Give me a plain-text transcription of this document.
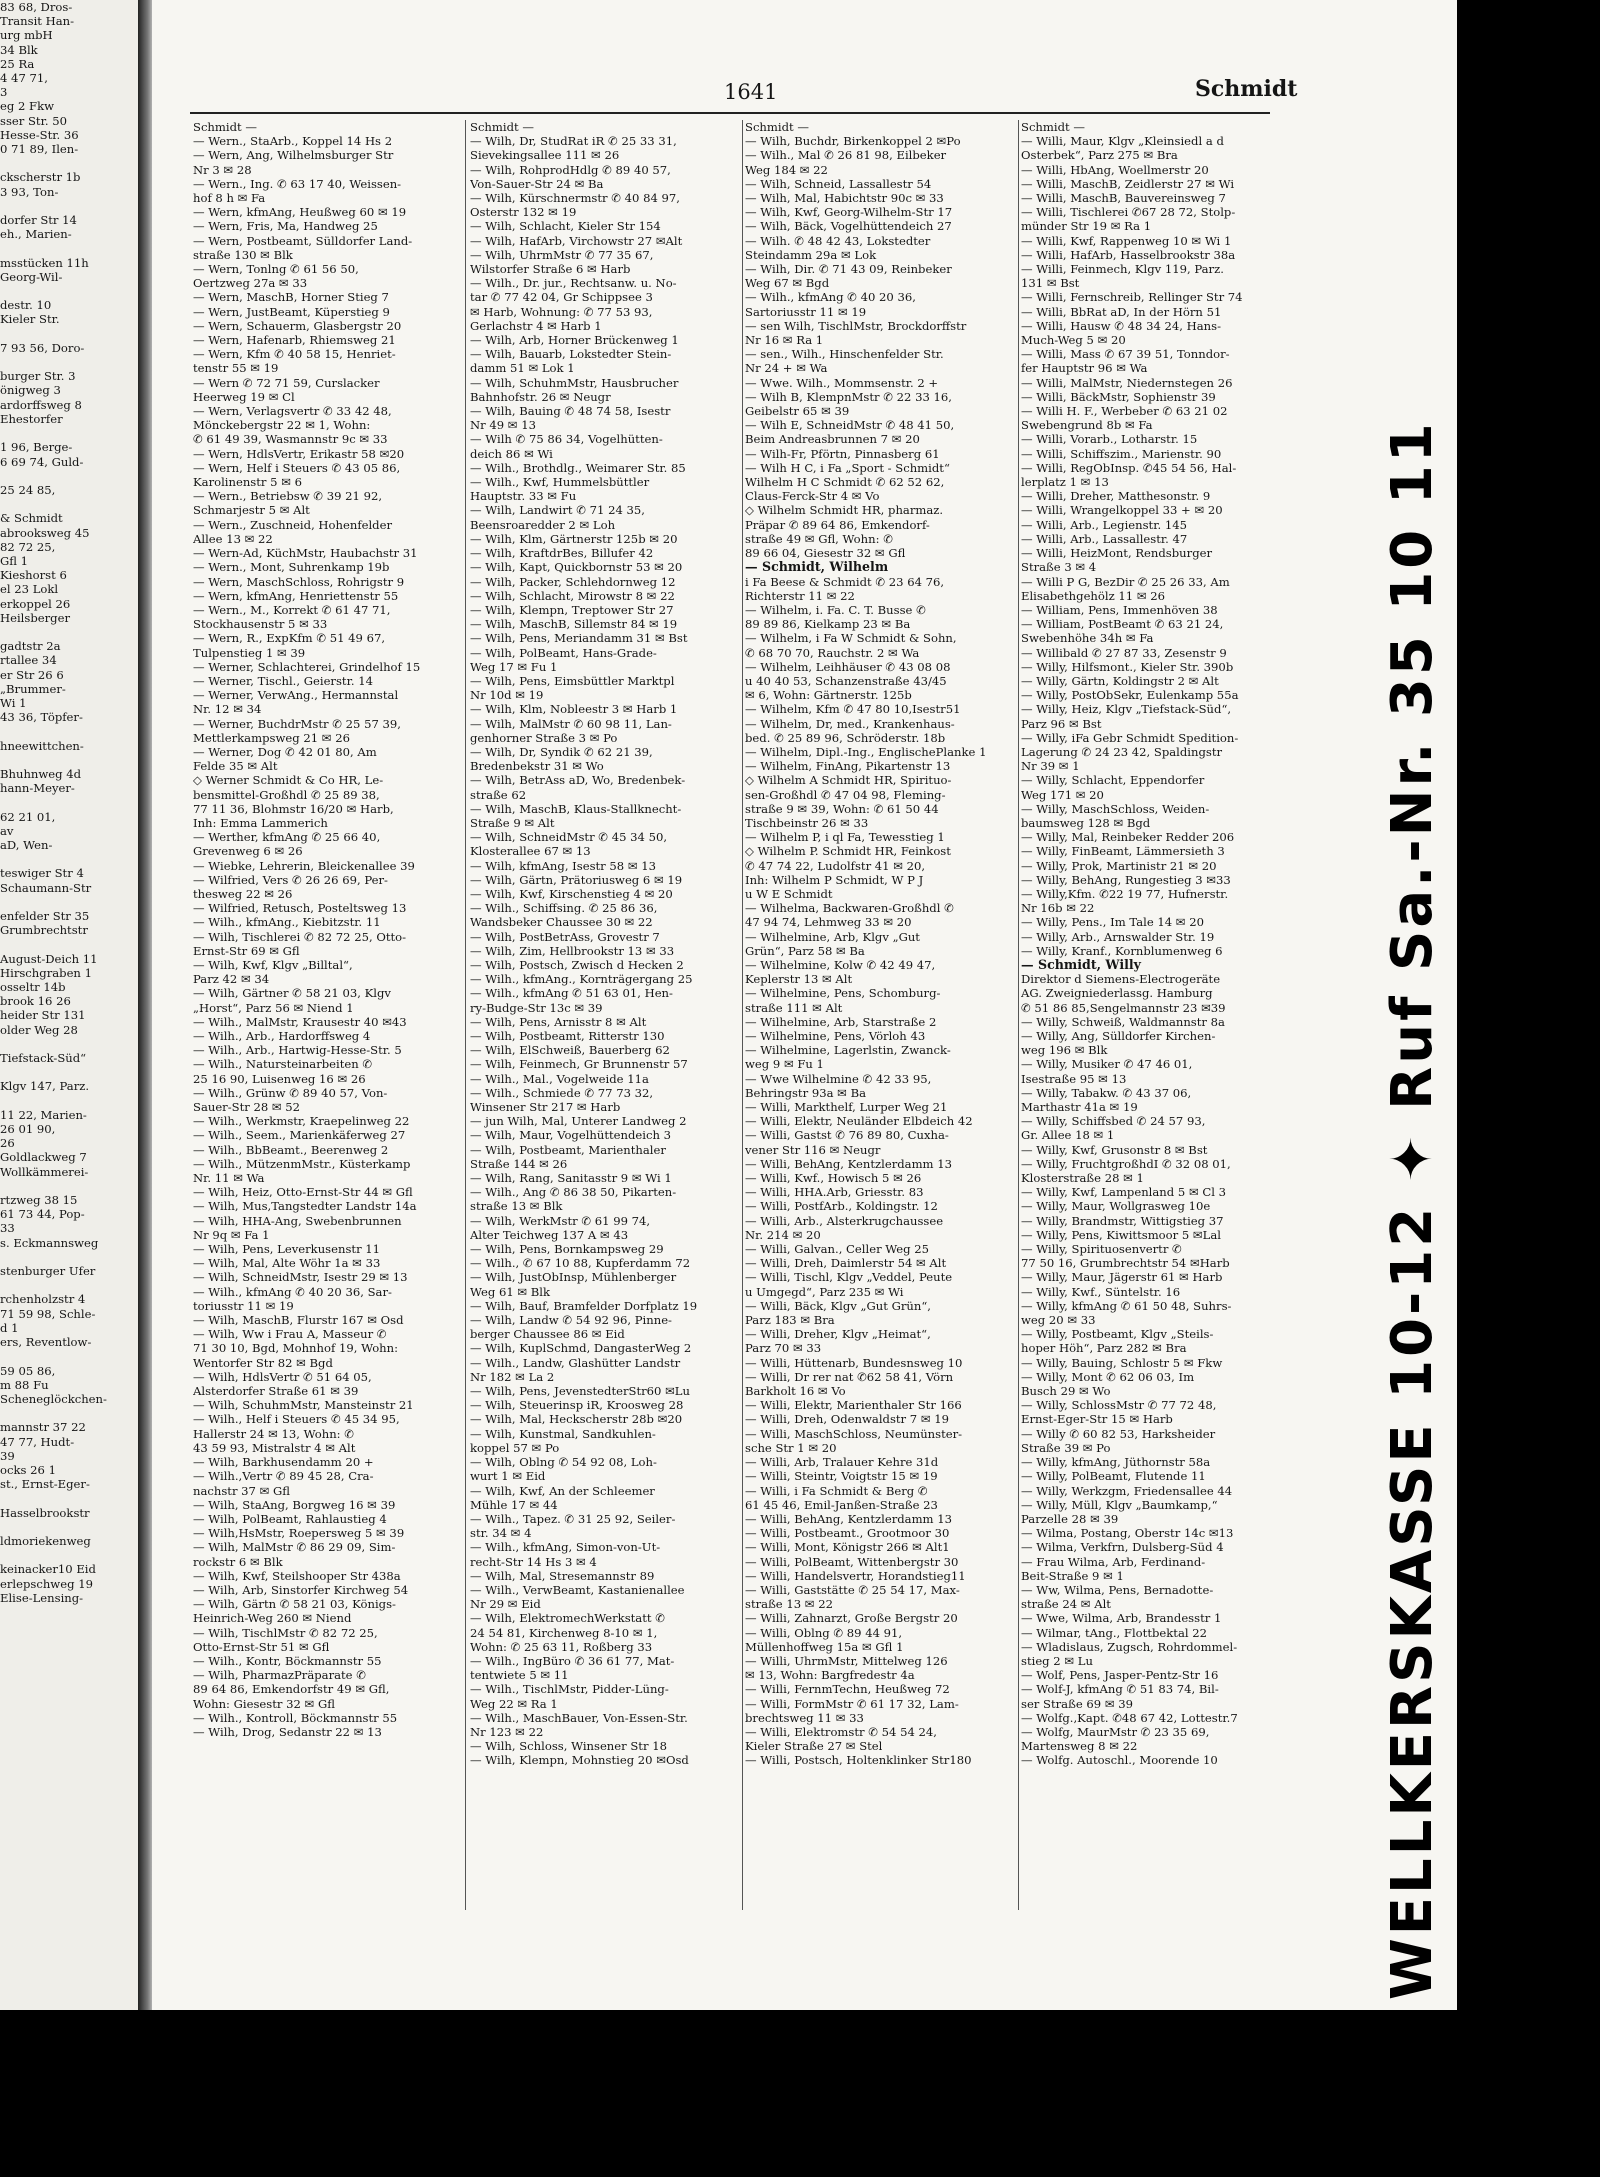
83 68, Dros-
Transit Han-
urg mbH
34 Blk
25 Ra
4 47 71,
3
eg 2 Fkw
sser Str. 50
Hesse-Str. 36
0 71 89, Ilen-

ckscherstr 1b
3 93, Ton-

dorfer Str 14
eh., Marien-

msstücken 11h
Georg-Wil-

destr. 10
Kieler Str.

7 93 56, Doro-

burger Str. 3
önigweg 3
ardorffsweg 8
Ehestorfer

1 96, Berge-
6 69 74, Guld-

25 24 85,

& Schmidt
abrooksweg 45
82 72 25,
Gfl 1
Kieshorst 6
el 23 Lokl
erkoppel 26
Heilsberger

gadtstr 2a
rtallee 34
er Str 26 6
„Brummer-
Wi 1
43 36, Töpfer-

hneewittchen-

Bhuhnweg 4d
hann-Meyer-

62 21 01,
av
aD, Wen-

teswiger Str 4
Schaumann-Str

enfelder Str 35
Grumbrechtstr

August-Deich 11
Hirschgraben 1
osseltr 14b
brook 16 26
heider Str 131
older Weg 28

Tiefstack-Süd“

Klgv 147, Parz.

11 22, Marien-
26 01 90,
26
Goldlackweg 7
Wollkämmerei-

rtzweg 38 15
61 73 44, Pop-
33
s. Eckmannsweg

stenburger Ufer

rchenholzstr 4
71 59 98, Schle-
d 1
ers, Reventlow-

59 05 86,
m 88 Fu
Scheneglöckchen-

mannstr 37 22
47 77, Hudt-
39
ocks 26 1
st., Ernst-Eger-

Hasselbrookstr

ldmoriekenweg

keinacker10 Eid
erlepschweg 19
Elise-Lensing-
1641	Schmidt
Schmidt —
— Wern., StaArb., Koppel 14 Hs 2
— Wern, Ang, Wilhelmsburger Str
Nr 3 ✉ 28
— Wern., Ing. ✆ 63 17 40, Weissen-
hof 8 h ✉ Fa
— Wern, kfmAng, Heußweg 60 ✉ 19
— Wern, Fris, Ma, Handweg 25
— Wern, Postbeamt, Sülldorfer Land-
straße 130 ✉ Blk
— Wern, Tonlng ✆ 61 56 50,
Oertzweg 27a ✉ 33
— Wern, MaschB, Horner Stieg 7
— Wern, JustBeamt, Küperstieg 9
— Wern, Schauerm, Glasbergstr 20
— Wern, Hafenarb, Rhiemsweg 21
— Wern, Kfm ✆ 40 58 15, Henriet-
tenstr 55 ✉ 19
— Wern ✆ 72 71 59, Curslacker
Heerweg 19 ✉ Cl
— Wern, Verlagsvertr ✆ 33 42 48,
Mönckebergstr 22 ✉ 1, Wohn:
✆ 61 49 39, Wasmannstr 9c ✉ 33
— Wern, HdlsVertr, Erikastr 58 ✉20
— Wern, Helf i Steuers ✆ 43 05 86,
Karolinenstr 5 ✉ 6
— Wern., Betriebsw ✆ 39 21 92,
Schmarjestr 5 ✉ Alt
— Wern., Zuschneid, Hohenfelder
Allee 13 ✉ 22
— Wern-Ad, KüchMstr, Haubachstr 31
— Wern., Mont, Suhrenkamp 19b
— Wern, MaschSchloss, Rohrigstr 9
— Wern, kfmAng, Henriettenstr 55
— Wern., M., Korrekt ✆ 61 47 71,
Stockhausenstr 5 ✉ 33
— Wern, R., ExpKfm ✆ 51 49 67,
Tulpenstieg 1 ✉ 39
— Werner, Schlachterei, Grindelhof 15
— Werner, Tischl., Geierstr. 14
— Werner, VerwAng., Hermannstal
Nr. 12 ✉ 34
— Werner, BuchdrMstr ✆ 25 57 39,
Mettlerkampsweg 21 ✉ 26
— Werner, Dog ✆ 42 01 80, Am
Felde 35 ✉ Alt
◇ Werner Schmidt & Co HR, Le-
bensmittel-Großhdl ✆ 25 89 38,
77 11 36, Blohmstr 16/20 ✉ Harb,
Inh: Emma Lammerich
— Werther, kfmAng ✆ 25 66 40,
Grevenweg 6 ✉ 26
— Wiebke, Lehrerin, Bleickenallee 39
— Wilfried, Vers ✆ 26 26 69, Per-
thesweg 22 ✉ 26
— Wilfried, Retusch, Posteltsweg 13
— Wilh., kfmAng., Kiebitzstr. 11
— Wilh, Tischlerei ✆ 82 72 25, Otto-
Ernst-Str 69 ✉ Gfl
— Wilh, Kwf, Klgv „Billtal“,
Parz 42 ✉ 34
— Wilh, Gärtner ✆ 58 21 03, Klgv
„Horst“, Parz 56 ✉ Niend 1
— Wilh., MalMstr, Krausestr 40 ✉43
— Wilh., Arb., Hardorffsweg 4
— Wilh., Arb., Hartwig-Hesse-Str. 5
— Wilh., Natursteinarbeiten ✆
25 16 90, Luisenweg 16 ✉ 26
— Wilh., Grünw ✆ 89 40 57, Von-
Sauer-Str 28 ✉ 52
— Wilh., Werkmstr, Kraepelinweg 22
— Wilh., Seem., Marienkäferweg 27
— Wilh., BbBeamt., Beerenweg 2
— Wilh., MützenmMstr., Küsterkamp
Nr. 11 ✉ Wa
— Wilh, Heiz, Otto-Ernst-Str 44 ✉ Gfl
— Wilh, Mus,Tangstedter Landstr 14a
— Wilh, HHA-Ang, Swebenbrunnen
Nr 9q ✉ Fa 1
— Wilh, Pens, Leverkusenstr 11
— Wilh, Mal, Alte Wöhr 1a ✉ 33
— Wilh, SchneidMstr, Isestr 29 ✉ 13
— Wilh., kfmAng ✆ 40 20 36, Sar-
toriusstr 11 ✉ 19
— Wilh, MaschB, Flurstr 167 ✉ Osd
— Wilh, Ww i Frau A, Masseur ✆
71 30 10, Bgd, Mohnhof 19, Wohn:
Wentorfer Str 82 ✉ Bgd
— Wilh, HdlsVertr ✆ 51 64 05,
Alsterdorfer Straße 61 ✉ 39
— Wilh, SchuhmMstr, Mansteinstr 21
— Wilh., Helf i Steuers ✆ 45 34 95,
Hallerstr 24 ✉ 13, Wohn: ✆
43 59 93, Mistralstr 4 ✉ Alt
— Wilh, Barkhusendamm 20 +
— Wilh.,Vertr ✆ 89 45 28, Cra-
nachstr 37 ✉ Gfl
— Wilh, StaAng, Borgweg 16 ✉ 39
— Wilh, PolBeamt, Rahlaustieg 4
— Wilh,HsMstr, Roepersweg 5 ✉ 39
— Wilh, MalMstr ✆ 86 29 09, Sim-
rockstr 6 ✉ Blk
— Wilh, Kwf, Steilshooper Str 438a
— Wilh, Arb, Sinstorfer Kirchweg 54
— Wilh, Gärtn ✆ 58 21 03, Königs-
Heinrich-Weg 260 ✉ Niend
— Wilh, TischlMstr ✆ 82 72 25,
Otto-Ernst-Str 51 ✉ Gfl
— Wilh., Kontr, Böckmannstr 55
— Wilh, PharmazPräparate ✆
89 64 86, Emkendorfstr 49 ✉ Gfl,
Wohn: Giesestr 32 ✉ Gfl
— Wilh., Kontroll, Böckmannstr 55
— Wilh, Drog, Sedanstr 22 ✉ 13
Schmidt —
— Wilh, Dr, StudRat iR ✆ 25 33 31,
Sievekingsallee 111 ✉ 26
— Wilh, RohprodHdlg ✆ 89 40 57,
Von-Sauer-Str 24 ✉ Ba
— Wilh, Kürschnermstr ✆ 40 84 97,
Osterstr 132 ✉ 19
— Wilh, Schlacht, Kieler Str 154
— Wilh, HafArb, Virchowstr 27 ✉Alt
— Wilh, UhrmMstr ✆ 77 35 67,
Wilstorfer Straße 6 ✉ Harb
— Wilh., Dr. jur., Rechtsanw. u. No-
tar ✆ 77 42 04, Gr Schippsee 3
✉ Harb, Wohnung: ✆ 77 53 93,
Gerlachstr 4 ✉ Harb 1
— Wilh, Arb, Horner Brückenweg 1
— Wilh, Bauarb, Lokstedter Stein-
damm 51 ✉ Lok 1
— Wilh, SchuhmMstr, Hausbrucher
Bahnhofstr. 26 ✉ Neugr
— Wilh, Bauing ✆ 48 74 58, Isestr
Nr 49 ✉ 13
— Wilh ✆ 75 86 34, Vogelhütten-
deich 86 ✉ Wi
— Wilh., Brothdlg., Weimarer Str. 85
— Wilh., Kwf, Hummelsbüttler
Hauptstr. 33 ✉ Fu
— Wilh, Landwirt ✆ 71 24 35,
Beensroaredder 2 ✉ Loh
— Wilh, Klm, Gärtnerstr 125b ✉ 20
— Wilh, KraftdrBes, Billufer 42
— Wilh, Kapt, Quickbornstr 53 ✉ 20
— Wilh, Packer, Schlehdornweg 12
— Wilh, Schlacht, Mirowstr 8 ✉ 22
— Wilh, Klempn, Treptower Str 27
— Wilh, MaschB, Sillemstr 84 ✉ 19
— Wilh, Pens, Meriandamm 31 ✉ Bst
— Wilh, PolBeamt, Hans-Grade-
Weg 17 ✉ Fu 1
— Wilh, Pens, Eimsbüttler Marktpl
Nr 10d ✉ 19
— Wilh, Klm, Nobleestr 3 ✉ Harb 1
— Wilh, MalMstr ✆ 60 98 11, Lan-
genhorner Straße 3 ✉ Po
— Wilh, Dr, Syndik ✆ 62 21 39,
Bredenbekstr 31 ✉ Wo
— Wilh, BetrAss aD, Wo, Bredenbek-
straße 62
— Wilh, MaschB, Klaus-Stallknecht-
Straße 9 ✉ Alt
— Wilh, SchneidMstr ✆ 45 34 50,
Klosterallee 67 ✉ 13
— Wilh, kfmAng, Isestr 58 ✉ 13
— Wilh, Gärtn, Prätoriusweg 6 ✉ 19
— Wilh, Kwf, Kirschenstieg 4 ✉ 20
— Wilh., Schiffsing. ✆ 25 86 36,
Wandsbeker Chaussee 30 ✉ 22
— Wilh, PostBetrAss, Grovestr 7
— Wilh, Zim, Hellbrookstr 13 ✉ 33
— Wilh, Postsch, Zwisch d Hecken 2
— Wilh., kfmAng., Kornträgergang 25
— Wilh., kfmAng ✆ 51 63 01, Hen-
ry-Budge-Str 13c ✉ 39
— Wilh, Pens, Arnisstr 8 ✉ Alt
— Wilh, Postbeamt, Ritterstr 130
— Wilh, ElSchweiß, Bauerberg 62
— Wilh, Feinmech, Gr Brunnenstr 57
— Wilh., Mal., Vogelweide 11a
— Wilh., Schmiede ✆ 77 73 32,
Winsener Str 217 ✉ Harb
— jun Wilh, Mal, Unterer Landweg 2
— Wilh, Maur, Vogelhüttendeich 3
— Wilh, Postbeamt, Marienthaler
Straße 144 ✉ 26
— Wilh, Rang, Sanitasstr 9 ✉ Wi 1
— Wilh., Ang ✆ 86 38 50, Pikarten-
straße 13 ✉ Blk
— Wilh, WerkMstr ✆ 61 99 74,
Alter Teichweg 137 A ✉ 43
— Wilh, Pens, Bornkampsweg 29
— Wilh., ✆ 67 10 88, Kupferdamm 72
— Wilh, JustObInsp, Mühlenberger
Weg 61 ✉ Blk
— Wilh, Bauf, Bramfelder Dorfplatz 19
— Wilh, Landw ✆ 54 92 96, Pinne-
berger Chaussee 86 ✉ Eid
— Wilh, KuplSchmd, DangasterWeg 2
— Wilh., Landw, Glashütter Landstr
Nr 182 ✉ La 2
— Wilh, Pens, JevenstedterStr60 ✉Lu
— Wilh, Steuerinsp iR, Kroosweg 28
— Wilh, Mal, Heckscherstr 28b ✉20
— Wilh, Kunstmal, Sandkuhlen-
koppel 57 ✉ Po
— Wilh, Oblng ✆ 54 92 08, Loh-
wurt 1 ✉ Eid
— Wilh, Kwf, An der Schleemer
Mühle 17 ✉ 44
— Wilh., Tapez. ✆ 31 25 92, Seiler-
str. 34 ✉ 4
— Wilh., kfmAng, Simon-von-Ut-
recht-Str 14 Hs 3 ✉ 4
— Wilh, Mal, Stresemannstr 89
— Wilh., VerwBeamt, Kastanienallee
Nr 29 ✉ Eid
— Wilh, ElektromechWerkstatt ✆
24 54 81, Kirchenweg 8-10 ✉ 1,
Wohn: ✆ 25 63 11, Roßberg 33
— Wilh., IngBüro ✆ 36 61 77, Mat-
tentwiete 5 ✉ 11
— Wilh., TischlMstr, Pidder-Lüng-
Weg 22 ✉ Ra 1
— Wilh., MaschBauer, Von-Essen-Str.
Nr 123 ✉ 22
— Wilh, Schloss, Winsener Str 18
— Wilh, Klempn, Mohnstieg 20 ✉Osd
Schmidt —
— Wilh, Buchdr, Birkenkoppel 2 ✉Po
— Wilh., Mal ✆ 26 81 98, Eilbeker
Weg 184 ✉ 22
— Wilh, Schneid, Lassallestr 54
— Wilh, Mal, Habichtstr 90c ✉ 33
— Wilh, Kwf, Georg-Wilhelm-Str 17
— Wilh, Bäck, Vogelhüttendeich 27
— Wilh. ✆ 48 42 43, Lokstedter
Steindamm 29a ✉ Lok
— Wilh, Dir. ✆ 71 43 09, Reinbeker
Weg 67 ✉ Bgd
— Wilh., kfmAng ✆ 40 20 36,
Sartoriusstr 11 ✉ 19
— sen Wilh, TischlMstr, Brockdorffstr
Nr 16 ✉ Ra 1
— sen., Wilh., Hinschenfelder Str.
Nr 24 + ✉ Wa
— Wwe. Wilh., Mommsenstr. 2 +
— Wilh B, KlempnMstr ✆ 22 33 16,
Geibelstr 65 ✉ 39
— Wilh E, SchneidMstr ✆ 48 41 50,
Beim Andreasbrunnen 7 ✉ 20
— Wilh-Fr, Pförtn, Pinnasberg 61
— Wilh H C, i Fa „Sport - Schmidt“
Wilhelm H C Schmidt ✆ 62 52 62,
Claus-Ferck-Str 4 ✉ Vo
◇ Wilhelm Schmidt HR, pharmaz.
Präpar ✆ 89 64 86, Emkendorf-
straße 49 ✉ Gfl, Wohn: ✆
89 66 04, Giesestr 32 ✉ Gfl
— Schmidt, Wilhelm
i Fa Beese & Schmidt ✆ 23 64 76,
Richterstr 11 ✉ 22
— Wilhelm, i. Fa. C. T. Busse ✆
89 89 86, Kielkamp 23 ✉ Ba
— Wilhelm, i Fa W Schmidt & Sohn,
✆ 68 70 70, Rauchstr. 2 ✉ Wa
— Wilhelm, Leihhäuser ✆ 43 08 08
u 40 40 53, Schanzenstraße 43/45
✉ 6, Wohn: Gärtnerstr. 125b
— Wilhelm, Kfm ✆ 47 80 10,Isestr51
— Wilhelm, Dr, med., Krankenhaus-
bed. ✆ 25 89 96, Schröderstr. 18b
— Wilhelm, Dipl.-Ing., EnglischePlanke 1
— Wilhelm, FinAng, Pikartenstr 13
◇ Wilhelm A Schmidt HR, Spirituo-
sen-Großhdl ✆ 47 04 98, Fleming-
straße 9 ✉ 39, Wohn: ✆ 61 50 44
Tischbeinstr 26 ✉ 33
— Wilhelm P, i ql Fa, Tewesstieg 1
◇ Wilhelm P. Schmidt HR, Feinkost
✆ 47 74 22, Ludolfstr 41 ✉ 20,
Inh: Wilhelm P Schmidt, W P J
u W E Schmidt
— Wilhelma, Backwaren-Großhdl ✆
47 94 74, Lehmweg 33 ✉ 20
— Wilhelmine, Arb, Klgv „Gut
Grün“, Parz 58 ✉ Ba
— Wilhelmine, Kolw ✆ 42 49 47,
Keplerstr 13 ✉ Alt
— Wilhelmine, Pens, Schomburg-
straße 111 ✉ Alt
— Wilhelmine, Arb, Starstraße 2
— Wilhelmine, Pens, Vörloh 43
— Wilhelmine, Lagerlstin, Zwanck-
weg 9 ✉ Fu 1
— Wwe Wilhelmine ✆ 42 33 95,
Behringstr 93a ✉ Ba
— Willi, Markthelf, Lurper Weg 21
— Willi, Elektr, Neuländer Elbdeich 42
— Willi, Gastst ✆ 76 89 80, Cuxha-
vener Str 116 ✉ Neugr
— Willi, BehAng, Kentzlerdamm 13
— Willi, Kwf., Howisch 5 ✉ 26
— Willi, HHA.Arb, Griesstr. 83
— Willi, PostfArb., Koldingstr. 12
— Willi, Arb., Alsterkrugchaussee
Nr. 214 ✉ 20
— Willi, Galvan., Celler Weg 25
— Willi, Dreh, Daimlerstr 54 ✉ Alt
— Willi, Tischl, Klgv „Veddel, Peute
u Umgegd“, Parz 235 ✉ Wi
— Willi, Bäck, Klgv „Gut Grün“,
Parz 183 ✉ Bra
— Willi, Dreher, Klgv „Heimat“,
Parz 70 ✉ 33
— Willi, Hüttenarb, Bundesnsweg 10
— Willi, Dr rer nat ✆62 58 41, Vörn
Barkholt 16 ✉ Vo
— Willi, Elektr, Marienthaler Str 166
— Willi, Dreh, Odenwaldstr 7 ✉ 19
— Willi, MaschSchloss, Neumünster-
sche Str 1 ✉ 20
— Willi, Arb, Tralauer Kehre 31d
— Willi, Steintr, Voigtstr 15 ✉ 19
— Willi, i Fa Schmidt & Berg ✆
61 45 46, Emil-Janßen-Straße 23
— Willi, BehAng, Kentzlerdamm 13
— Willi, Postbeamt., Grootmoor 30
— Willi, Mont, Königstr 266 ✉ Alt1
— Willi, PolBeamt, Wittenbergstr 30
— Willi, Handelsvertr, Horandstieg11
— Willi, Gaststätte ✆ 25 54 17, Max-
straße 13 ✉ 22
— Willi, Zahnarzt, Große Bergstr 20
— Willi, Oblng ✆ 89 44 91,
Müllenhoffweg 15a ✉ Gfl 1
— Willi, UhrmMstr, Mittelweg 126
✉ 13, Wohn: Bargfredestr 4a
— Willi, FernmTechn, Heußweg 72
— Willi, FormMstr ✆ 61 17 32, Lam-
brechtsweg 11 ✉ 33
— Willi, Elektromstr ✆ 54 54 24,
Kieler Straße 27 ✉ Stel
— Willi, Postsch, Holtenklinker Str180
Schmidt —
— Willi, Maur, Klgv „Kleinsiedl a d
Osterbek“, Parz 275 ✉ Bra
— Willi, HbAng, Woellmerstr 20
— Willi, MaschB, Zeidlerstr 27 ✉ Wi
— Willi, MaschB, Bauvereinsweg 7
— Willi, Tischlerei ✆67 28 72, Stolp-
münder Str 19 ✉ Ra 1
— Willi, Kwf, Rappenweg 10 ✉ Wi 1
— Willi, HafArb, Hasselbrookstr 38a
— Willi, Feinmech, Klgv 119, Parz.
131 ✉ Bst
— Willi, Fernschreib, Rellinger Str 74
— Willi, BbRat aD, In der Hörn 51
— Willi, Hausw ✆ 48 34 24, Hans-
Much-Weg 5 ✉ 20
— Willi, Mass ✆ 67 39 51, Tonndor-
fer Hauptstr 96 ✉ Wa
— Willi, MalMstr, Niedernstegen 26
— Willi, BäckMstr, Sophienstr 39
— Willi H. F., Werbeber ✆ 63 21 02
Swebengrund 8b ✉ Fa
— Willi, Vorarb., Lotharstr. 15
— Willi, Schiffszim., Marienstr. 90
— Willi, RegObInsp. ✆45 54 56, Hal-
lerplatz 1 ✉ 13
— Willi, Dreher, Matthesonstr. 9
— Willi, Wrangelkoppel 33 + ✉ 20
— Willi, Arb., Legienstr. 145
— Willi, Arb., Lassallestr. 47
— Willi, HeizMont, Rendsburger
Straße 3 ✉ 4
— Willi P G, BezDir ✆ 25 26 33, Am
Elisabethgehölz 11 ✉ 26
— William, Pens, Immenhöven 38
— William, PostBeamt ✆ 63 21 24,
Swebenhöhe 34h ✉ Fa
— Willibald ✆ 27 87 33, Zesenstr 9
— Willy, Hilfsmont., Kieler Str. 390b
— Willy, Gärtn, Koldingstr 2 ✉ Alt
— Willy, PostObSekr, Eulenkamp 55a
— Willy, Heiz, Klgv „Tiefstack-Süd“,
Parz 96 ✉ Bst
— Willy, iFa Gebr Schmidt Spedition-
Lagerung ✆ 24 23 42, Spaldingstr
Nr 39 ✉ 1
— Willy, Schlacht, Eppendorfer
Weg 171 ✉ 20
— Willy, MaschSchloss, Weiden-
baumsweg 128 ✉ Bgd
— Willy, Mal, Reinbeker Redder 206
— Willy, FinBeamt, Lämmersieth 3
— Willy, Prok, Martinistr 21 ✉ 20
— Willy, BehAng, Rungestieg 3 ✉33
— Willy,Kfm. ✆22 19 77, Hufnerstr.
Nr 16b ✉ 22
— Willy, Pens., Im Tale 14 ✉ 20
— Willy, Arb., Arnswalder Str. 19
— Willy, Kranf., Kornblumenweg 6
— Schmidt, Willy
Direktor d Siemens-Electrogeräte
AG. Zweigniederlassg. Hamburg
✆ 51 86 85,Sengelmannstr 23 ✉39
— Willy, Schweiß, Waldmannstr 8a
— Willy, Ang, Sülldorfer Kirchen-
weg 196 ✉ Blk
— Willy, Musiker ✆ 47 46 01,
Isestraße 95 ✉ 13
— Willy, Tabakw. ✆ 43 37 06,
Marthastr 41a ✉ 19
— Willy, Schiffsbed ✆ 24 57 93,
Gr. Allee 18 ✉ 1
— Willy, Kwf, Grusonstr 8 ✉ Bst
— Willy, FruchtgroßhdI ✆ 32 08 01,
Klosterstraße 28 ✉ 1
— Willy, Kwf, Lampenland 5 ✉ Cl 3
— Willy, Maur, Wollgrasweg 10e
— Willy, Brandmstr, Wittigstieg 37
— Willy, Pens, Kiwittsmoor 5 ✉Lal
— Willy, Spirituosenvertr ✆
77 50 16, Grumbrechtstr 54 ✉Harb
— Willy, Maur, Jägerstr 61 ✉ Harb
— Willy, Kwf., Süntelstr. 16
— Willy, kfmAng ✆ 61 50 48, Suhrs-
weg 20 ✉ 33
— Willy, Postbeamt, Klgv „Steils-
hoper Höh“, Parz 282 ✉ Bra
— Willy, Bauing, Schlostr 5 ✉ Fkw
— Willy, Mont ✆ 62 06 03, Im
Busch 29 ✉ Wo
— Willy, SchlossMstr ✆ 77 72 48,
Ernst-Eger-Str 15 ✉ Harb
— Willy ✆ 60 82 53, Harksheider
Straße 39 ✉ Po
— Willy, kfmAng, Jüthornstr 58a
— Willy, PolBeamt, Flutende 11
— Willy, Werkzgm, Friedensallee 44
— Willy, Müll, Klgv „Baumkamp,“
Parzelle 28 ✉ 39
— Wilma, Postang, Oberstr 14c ✉13
— Wilma, Verkfrn, Dulsberg-Süd 4
— Frau Wilma, Arb, Ferdinand-
Beit-Straße 9 ✉ 1
— Ww, Wilma, Pens, Bernadotte-
straße 24 ✉ Alt
— Wwe, Wilma, Arb, Brandesstr 1
— Wilmar, tAng., Flottbektal 22
— Wladislaus, Zugsch, Rohrdommel-
stieg 2 ✉ Lu
— Wolf, Pens, Jasper-Pentz-Str 16
— Wolf-J, kfmAng ✆ 51 83 74, Bil-
ser Straße 69 ✉ 39
— Wolfg.,Kapt. ✆48 67 42, Lottestr.7
— Wolfg, MaurMstr ✆ 23 35 69,
Martensweg 8 ✉ 22
— Wolfg. Autoschl., Moorende 10	WELLKERSKASSE 10-12 ✦ Ruf Sa.-Nr. 35 10 11
